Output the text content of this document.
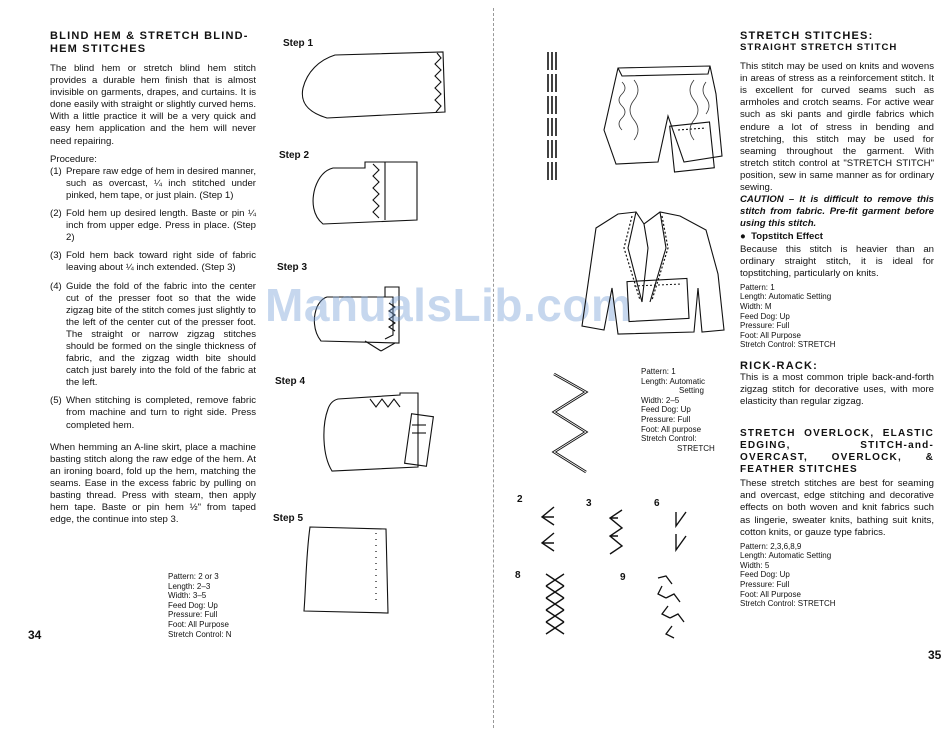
BLIND HEM & STRETCH BLIND-HEM STITCHES

The blind hem or stretch blind hem stitch provides a durable hem finish that is almost invisible on garments, drapes, and curtains. It is done easily with straight or slightly curved hems. With a little practice it will be a very quick and easy hem application and the hem will never need repairing.

Procedure:

(1) Prepare raw edge of hem in desired manner, such as overcast, ¼ inch stitched under pinked, hem tape, or just plain. (Step 1)
(2) Fold hem up desired length. Baste or pin ¼ inch from upper edge. Press in place. (Step 2)
(3) Fold hem back toward right side of fabric leaving about ¼ inch extended. (Step 3)
(4) Guide the fold of the fabric into the center cut of the presser foot so that the wide zigzag bite of the stitch comes just slightly to the left of the center cut of the presser foot. The straight or narrow zigzag stitches should be formed on the single thickness of fabric, and the zigzag width bite should catch just barely into the fold of the fabric at the left.
(5) When stitching is completed, remove fabric from machine and turn to right side. Press completed hem.

When hemming an A-line skirt, place a machine basting stitch along the raw edge of the hem. At an ironing board, fold up the hem, matching the seams. Ease in the excess fabric by pulling on basting thread. Press with steam, then apply hem tape. Baste or pin hem ½" from taped edge, the continue into step 3.

Pattern: 2 or 3
Length: 2–3
Width: 3–5
Feed Dog: Up
Pressure: Full
Foot: All Purpose
Stretch Control: N
34
Step 1
Step 2
Step 3
Step 4
Step 5
ManualsLib.com
Pattern: 1
Length: Automatic
Setting
Width: 2–5
Feed Dog: Up
Pressure: Full
Foot: All purpose
Stretch Control:
STRETCH
2	3	6
8	9
STRETCH STITCHES:
STRAIGHT STRETCH STITCH

This stitch may be used on knits and wovens in areas of stress as a reinforcement stitch. It is excellent for curved seams such as armholes and crotch seams. For active wear such as ski pants and girdle fabrics which endure a lot of stress in bending and stretching, this stitch may be used for seaming throughout the garment. With stretch stitch control at "STRETCH STITCH" position, sew in same manner as for ordinary sewing.

CAUTION – It is difficult to remove this stitch from fabric. Pre-fit garment before using this stitch.

●  Topstitch Effect

Because this stitch is heavier than an ordinary straight stitch, it is ideal for topstitching, particularly on knits.

Pattern: 1
Length: Automatic Setting
Width: M
Feed Dog: Up
Pressure: Full
Foot: All Purpose
Stretch Control: STRETCH
RICK-RACK:

This is a most common triple back-and-forth zigzag stitch for decorative uses, with more elasticity than regular zigzag.

STRETCH OVERLOCK, ELASTIC EDGING, STITCH-and-OVERCAST, OVERLOCK, & FEATHER STITCHES

These stretch stitches are best for seaming and overcast, edge stitching and decorative effects on both woven and knit fabrics such as lingerie, sweater knits, bathing suit knits, cotton knits, or gauze type fabrics.

Pattern: 2,3,6,8,9
Length: Automatic Setting
Width: 5
Feed Dog: Up
Pressure: Full
Foot: All Purpose
Stretch Control: STRETCH
35
